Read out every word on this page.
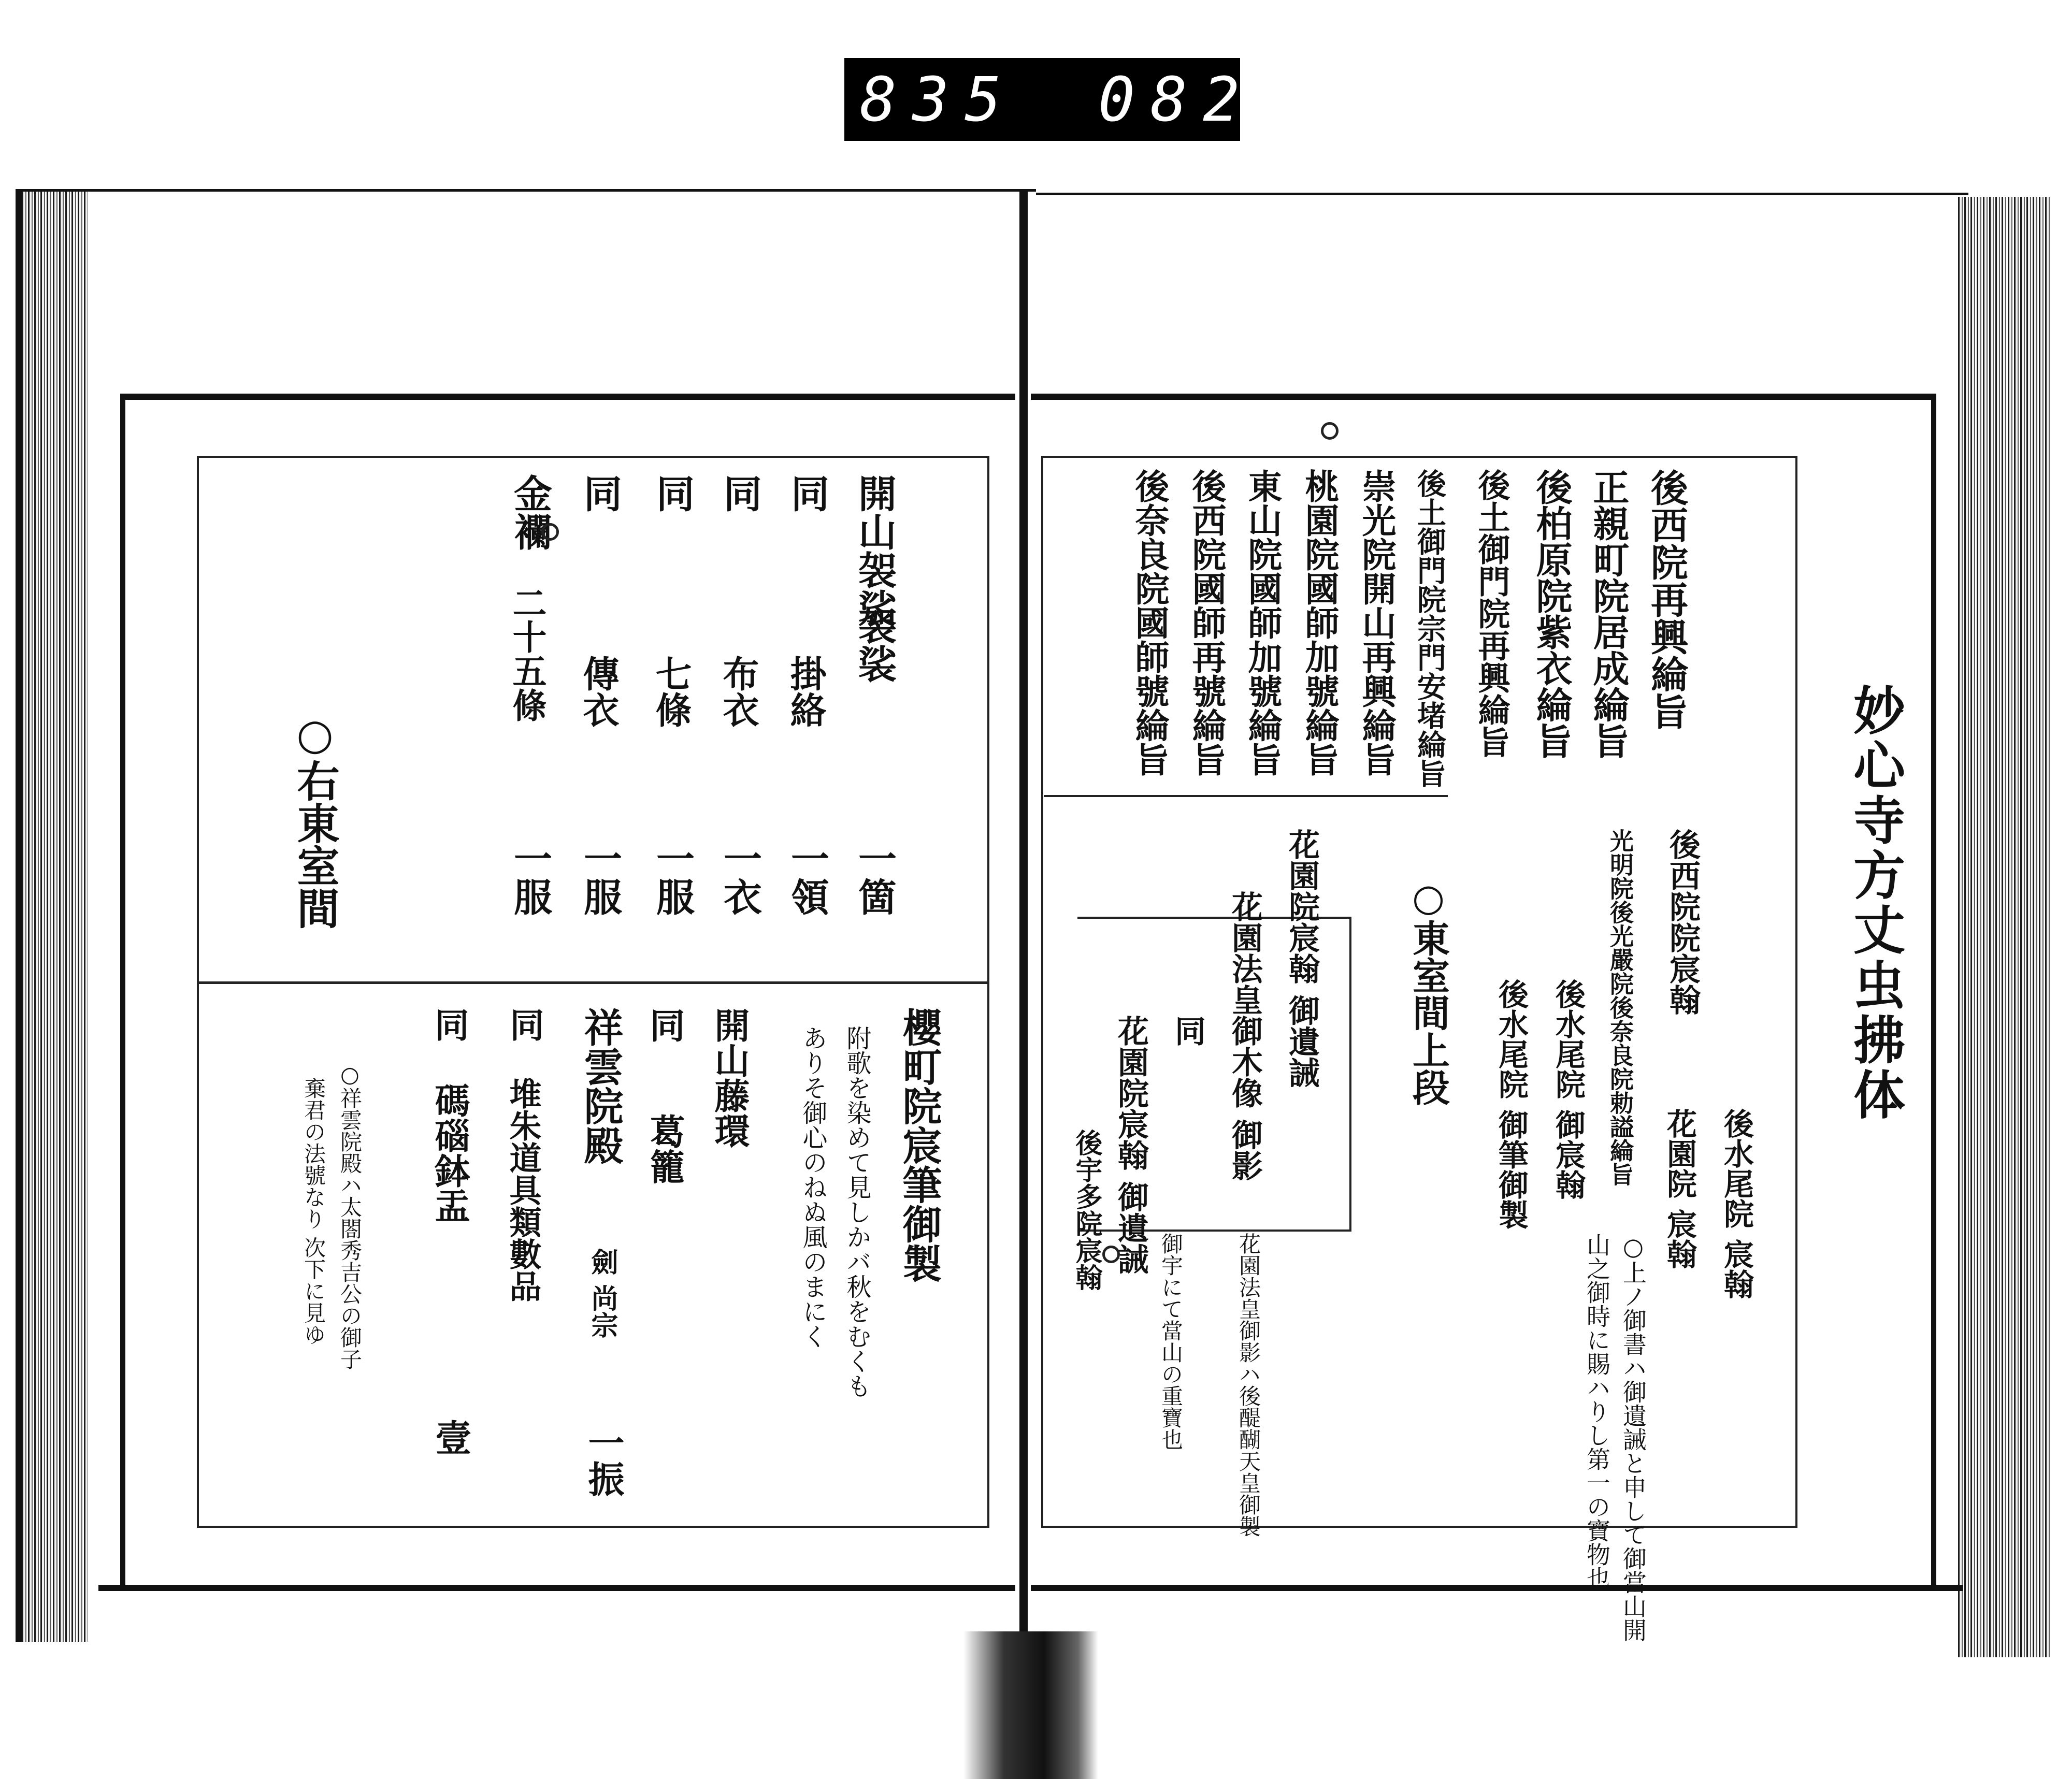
835 082.
妙心寺方丈虫拂体
後西院再興綸旨
正親町院居成綸旨
後柏原院紫衣綸旨
後土御門院再興綸旨
後土御門院宗門安堵綸旨
崇光院開山再興綸旨
桃園院國師加號綸旨
東山院國師加號綸旨
後西院國師再號綸旨
後奈良院國師號綸旨
○東室間上段	後西院院宸翰
光明院後光嚴院後奈良院勅謚綸旨
後水尾院 御宸翰
後水尾院 御筆御製	後水尾院 宸翰
花園院 宸翰
花園院宸翰 御遺誡
花園法皇御木像 御影
同
花園院宸翰 御遺誡
後宇多院宸翰
○上ノ御書ハ御遺誡と申して御當山開
山之御時に賜ハりし第一の寶物也
花園法皇御影ハ後醍醐天皇御製
御宇にて當山の重寶也
○右東室間
開山袈裟
袈裟
一箇
同
掛絡
一領
同
布衣
一衣
同
七條
一服
同
傳衣
一服
金襴
二十五條
一服
櫻町院宸筆御製
開山藤環
同
葛籠
祥雲院殿
劍 尚宗
一振
同
堆朱道具類數品
同
碼碯鉢盂
壹
附歌を染めて見しかバ秋をむくも
ありそ御心のねぬ風のまにく
○祥雲院殿ハ太閤秀吉公の御子
棄君の法號なり 次下に見ゆ
